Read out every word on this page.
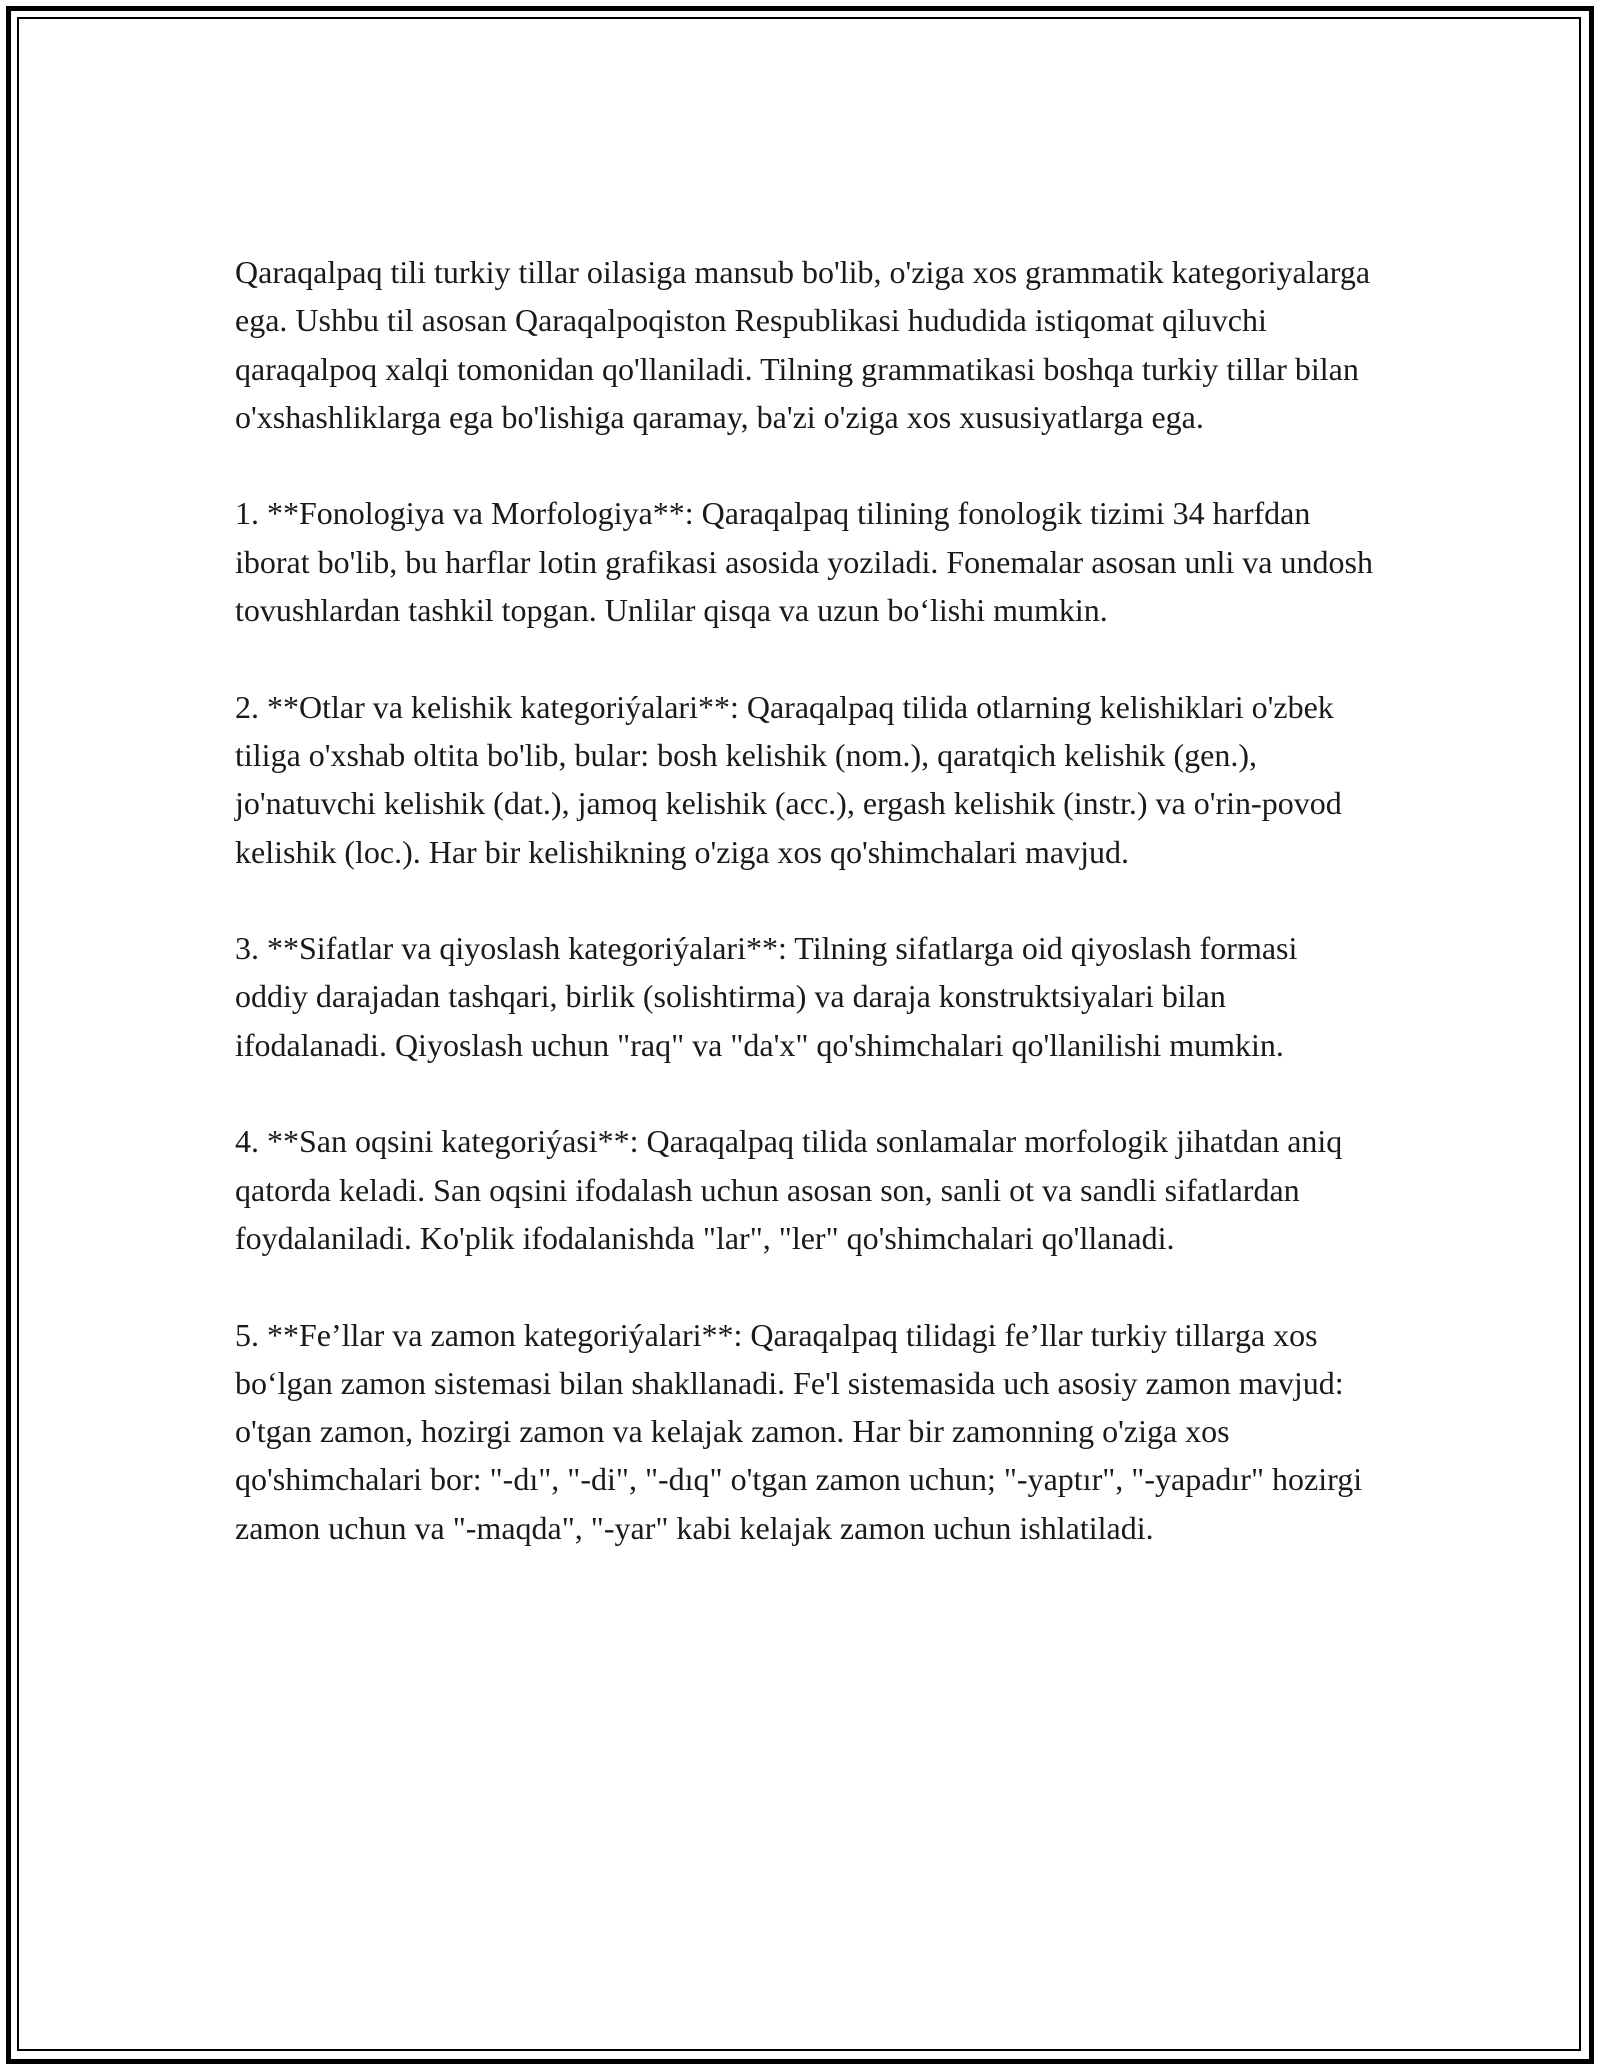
Qaraqalpaq tili turkiy tillar oilasiga mansub bo'lib, o'ziga xos grammatik kategoriyalarga ega. Ushbu til asosan Qaraqalpoqiston Respublikasi hududida istiqomat qiluvchi qaraqalpoq xalqi tomonidan qo'llaniladi. Tilning grammatikasi boshqa turkiy tillar bilan o'xshashliklarga ega bo'lishiga qaramay, ba'zi o'ziga xos xususiyatlarga ega.

1. **Fonologiya va Morfologiya**: Qaraqalpaq tilining fonologik tizimi 34 harfdan iborat bo'lib, bu harflar lotin grafikasi asosida yoziladi. Fonemalar asosan unli va undosh tovushlardan tashkil topgan. Unlilar qisqa va uzun bo‘lishi mumkin.

2. **Otlar va kelishik kategoriýalari**: Qaraqalpaq tilida otlarning kelishiklari o'zbek tiliga o'xshab oltita bo'lib, bular: bosh kelishik (nom.), qaratqich kelishik (gen.), jo'natuvchi kelishik (dat.), jamoq kelishik (acc.), ergash kelishik (instr.) va o'rin-povod kelishik (loc.). Har bir kelishikning o'ziga xos qo'shimchalari mavjud.

3. **Sifatlar va qiyoslash kategoriýalari**: Tilning sifatlarga oid qiyoslash formasi oddiy darajadan tashqari, birlik (solishtirma) va daraja konstruktsiyalari bilan ifodalanadi. Qiyoslash uchun "raq" va "da'x" qo'shimchalari qo'llanilishi mumkin.

4. **San oqsini kategoriýasi**: Qaraqalpaq tilida sonlamalar morfologik jihatdan aniq qatorda keladi. San oqsini ifodalash uchun asosan son, sanli ot va sandli sifatlardan foydalaniladi. Ko'plik ifodalanishda "lar", "ler" qo'shimchalari qo'llanadi.

5. **Fe’llar va zamon kategoriýalari**: Qaraqalpaq tilidagi fe’llar turkiy tillarga xos bo‘lgan zamon sistemasi bilan shakllanadi. Fe'l sistemasida uch asosiy zamon mavjud: o'tgan zamon, hozirgi zamon va kelajak zamon. Har bir zamonning o'ziga xos qo'shimchalari bor: "-dı", "-di", "-dıq" o'tgan zamon uchun; "-yaptır", "-yapadır" hozirgi zamon uchun va "-maqda", "-yar" kabi kelajak zamon uchun ishlatiladi.
